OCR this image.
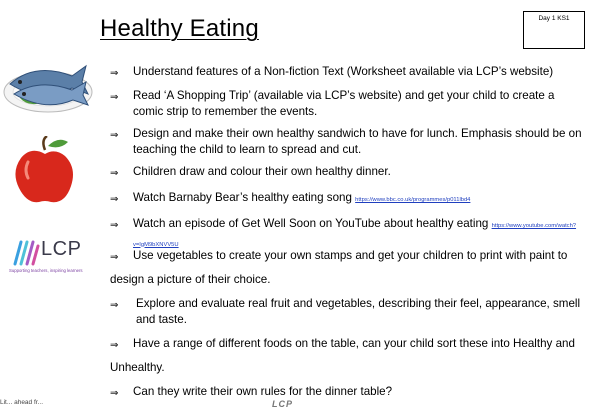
Healthy Eating	Day 1 KS1
LCP
Supporting teachers, inspiring learners
⇒	Understand features of a Non-fiction Text (Worksheet available via LCP’s website)
⇒	Read ‘A Shopping Trip’ (available via LCP’s website) and get your child to create a comic strip to remember the events.
⇒	Design and make their own healthy sandwich to have for lunch. Emphasis should be on teaching the child to learn to spread and cut.
⇒	Children draw and colour their own healthy dinner.
⇒	Watch Barnaby Bear’s healthy eating song https://www.bbc.co.uk/programmes/p011lbd4
⇒	Watch an episode of Get Well Soon on YouTube about healthy eating https://www.youtube.com/watch?v=IgM9bXNVV5U
⇒	Use vegetables to create your own stamps and get your children to print with paint to
design a picture of their choice.
⇒	Explore and evaluate real fruit and vegetables, describing their feel, appearance, smell and taste.
⇒	Have a range of different foods on the table, can your child sort these into Healthy and
Unhealthy.
⇒	Can they write their own rules for the dinner table?
Lit... ahead fr...	LCP
